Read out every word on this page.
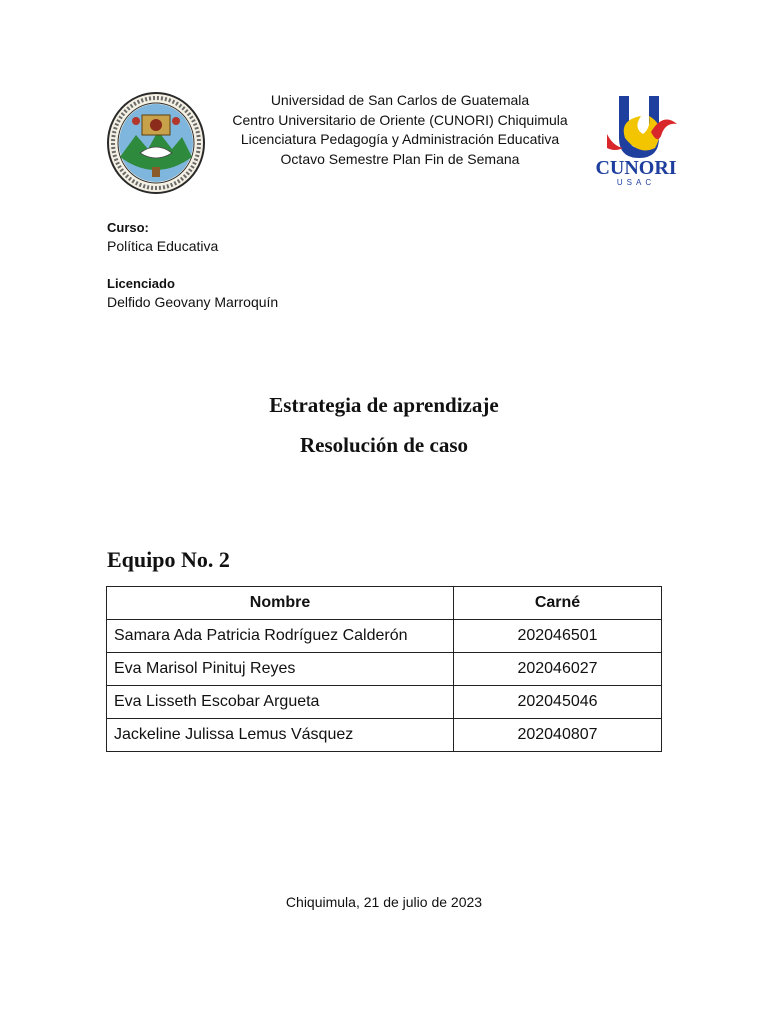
CUNORI
USAC
Universidad de San Carlos de Guatemala
Centro Universitario de Oriente (CUNORI) Chiquimula
Licenciatura Pedagogía y Administración Educativa
Octavo Semestre Plan Fin de Semana
Curso:
Política Educativa
Licenciado
Delfido Geovany Marroquín
Estrategia de aprendizaje
Resolución de caso
Equipo No. 2
Nombre	Carné
Samara Ada Patricia Rodríguez Calderón	202046501
Eva Marisol Pinituj Reyes	202046027
Eva Lisseth Escobar Argueta	202045046
Jackeline Julissa Lemus Vásquez	202040807
Chiquimula, 21 de julio de 2023
